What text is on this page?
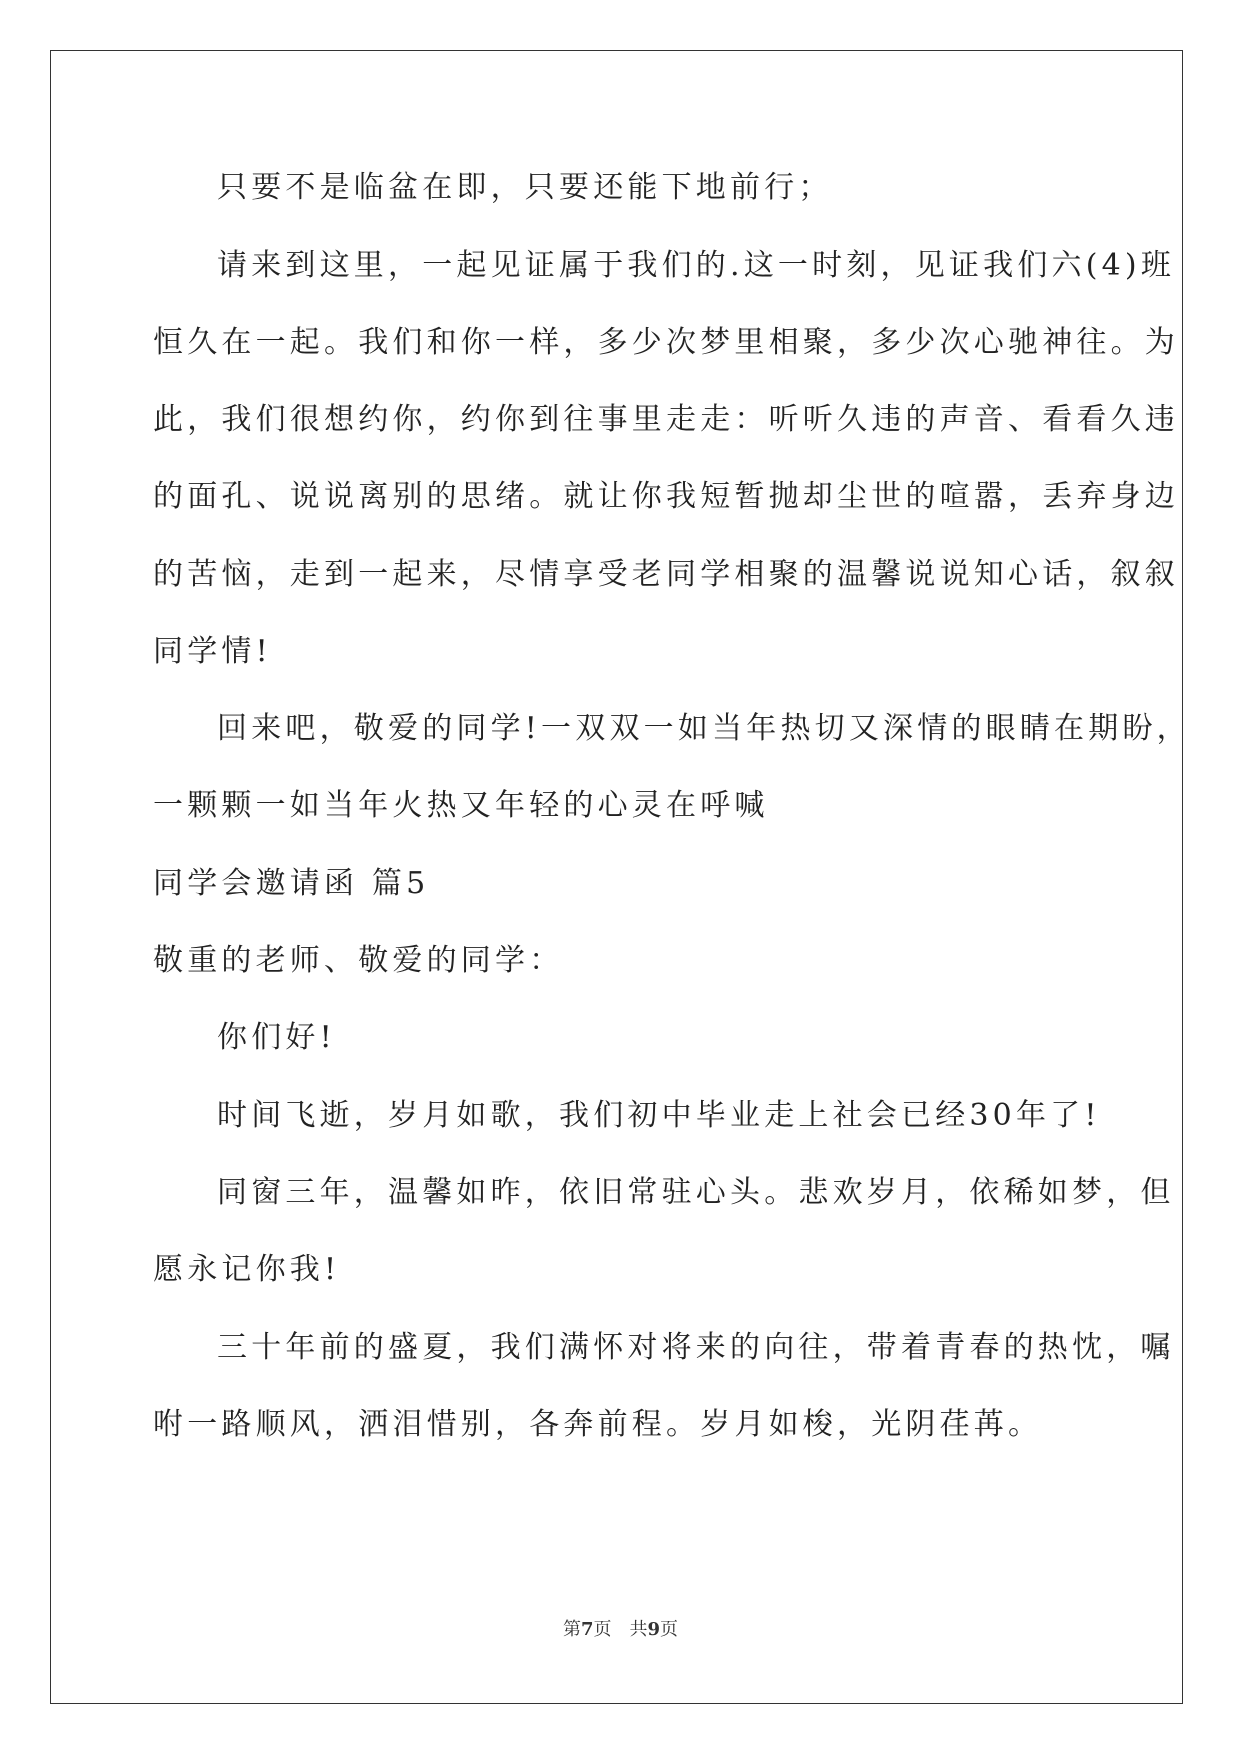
只要不是临盆在即，只要还能下地前行；
请来到这里，一起见证属于我们的.这一时刻，见证我们六(4)班
恒久在一起。我们和你一样，多少次梦里相聚，多少次心驰神往。为
此，我们很想约你，约你到往事里走走：听听久违的声音、看看久违
的面孔、说说离别的思绪。就让你我短暂抛却尘世的喧嚣，丢弃身边
的苦恼，走到一起来，尽情享受老同学相聚的温馨说说知心话，叙叙
同学情!
回来吧，敬爱的同学!一双双一如当年热切又深情的眼睛在期盼，
一颗颗一如当年火热又年轻的心灵在呼喊
同学会邀请函 篇5
敬重的老师、敬爱的同学：
你们好!
时间飞逝，岁月如歌，我们初中毕业走上社会已经30年了!
同窗三年，温馨如昨，依旧常驻心头。悲欢岁月，依稀如梦，但
愿永记你我!
三十年前的盛夏，我们满怀对将来的向往，带着青春的热忱，嘱
咐一路顺风，洒泪惜别，各奔前程。岁月如梭，光阴荏苒。
第7页　共9页
